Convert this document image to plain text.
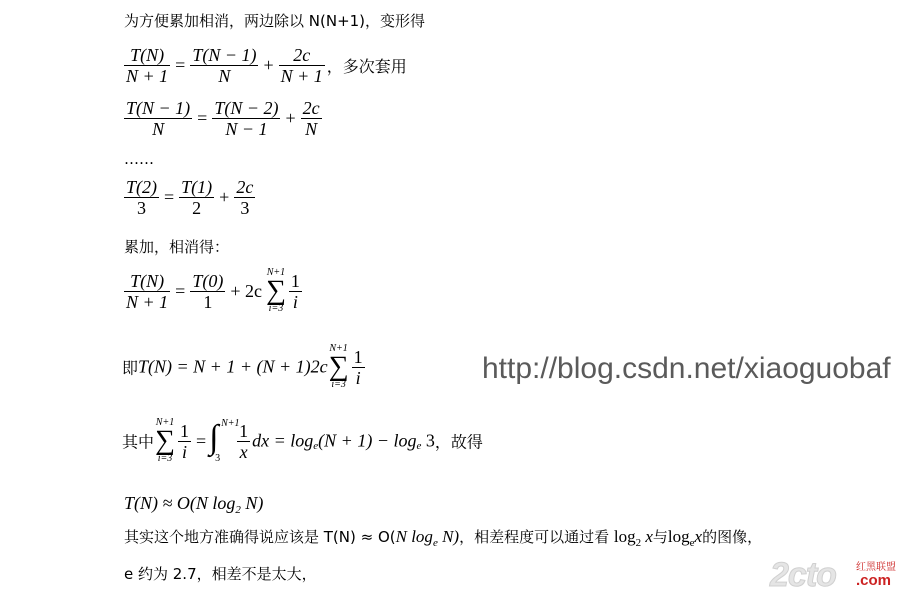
为方便累加相消，两边除以 N(N+1)，变形得
$\frac{T(N)}{N + 1} = \frac{T(N - 1)}{N} + \frac{2c}{N + 1}$ ，多次套用
$\frac{T(N - 1)}{N} = \frac{T(N - 2)}{N - 1} + \frac{2c}{N}$
……
$\frac{T(2)}{3} = \frac{T(1)}{2} + \frac{2c}{3}$
累加，相消得：
$\frac{T(N)}{N + 1} = \frac{T(0)}{1} + 2c$
N+1
∑
$i=3 \frac{1}{i}$
即T(N) = N + 1 + (N + 1)2c
N+1
∑
$i=3 \frac{1}{i}$	http://blog.csdn.net/xiaoguobaf
其中
N+1
∑
$i=3 \frac{1}{i}$ = ∫ N+1
$3 \frac{1}{x}$ dx = $\log_e(N + 1) - \log_e 3$，故得
T(N) ≈ O(N $\log_2 N$)
其实这个地方准确得说应该是 T(N) ≈ O(N $\log_e N$)，相差程度可以通过看 $\log_2 x$与$\log_ex$的图像，
e 约为 2.7，相差不是太大，	2cto 红黑联盟
.com
